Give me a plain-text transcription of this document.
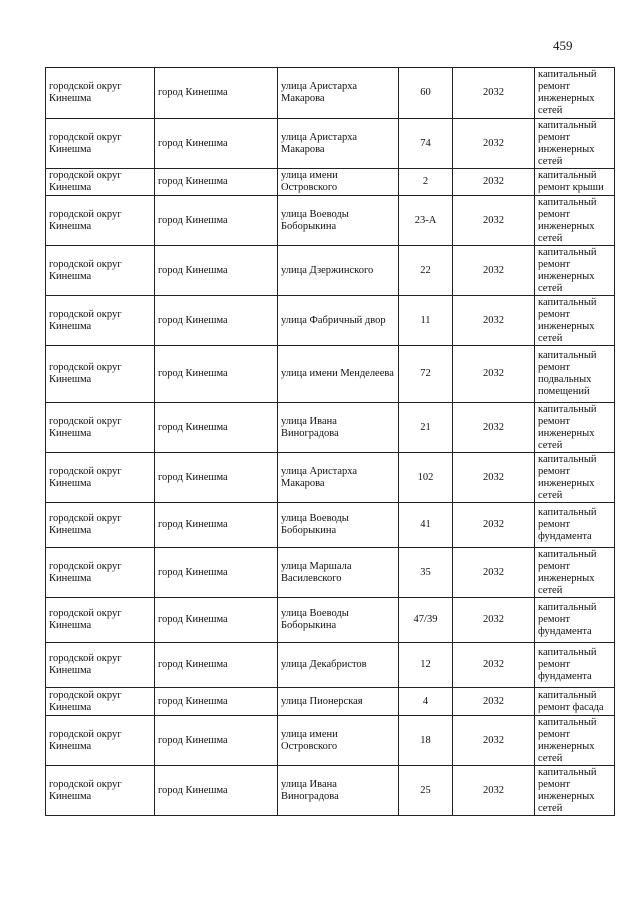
459
городской округ Кинешма	город Кинешма	улица Аристарха Макарова	60	2032	капитальный ремонт инженерных сетей
городской округ Кинешма	город Кинешма	улица Аристарха Макарова	74	2032	капитальный ремонт инженерных сетей
городской округ Кинешма	город Кинешма	улица имени Островского	2	2032	капитальный ремонт крыши
городской округ Кинешма	город Кинешма	улица Воеводы Боборыкина	23-А	2032	капитальный ремонт инженерных сетей
городской округ Кинешма	город Кинешма	улица Дзержинского	22	2032	капитальный ремонт инженерных сетей
городской округ Кинешма	город Кинешма	улица Фабричный двор	11	2032	капитальный ремонт инженерных сетей
городской округ Кинешма	город Кинешма	улица имени Менделеева	72	2032	капитальный ремонт подвальных помещений
городской округ Кинешма	город Кинешма	улица Ивана Виноградова	21	2032	капитальный ремонт инженерных сетей
городской округ Кинешма	город Кинешма	улица Аристарха Макарова	102	2032	капитальный ремонт инженерных сетей
городской округ Кинешма	город Кинешма	улица Воеводы Боборыкина	41	2032	капитальный ремонт фундамента
городской округ Кинешма	город Кинешма	улица Маршала Василевского	35	2032	капитальный ремонт инженерных сетей
городской округ Кинешма	город Кинешма	улица Воеводы Боборыкина	47/39	2032	капитальный ремонт фундамента
городской округ Кинешма	город Кинешма	улица Декабристов	12	2032	капитальный ремонт фундамента
городской округ Кинешма	город Кинешма	улица Пионерская	4	2032	капитальный ремонт фасада
городской округ Кинешма	город Кинешма	улица имени Островского	18	2032	капитальный ремонт инженерных сетей
городской округ Кинешма	город Кинешма	улица Ивана Виноградова	25	2032	капитальный ремонт инженерных сетей
